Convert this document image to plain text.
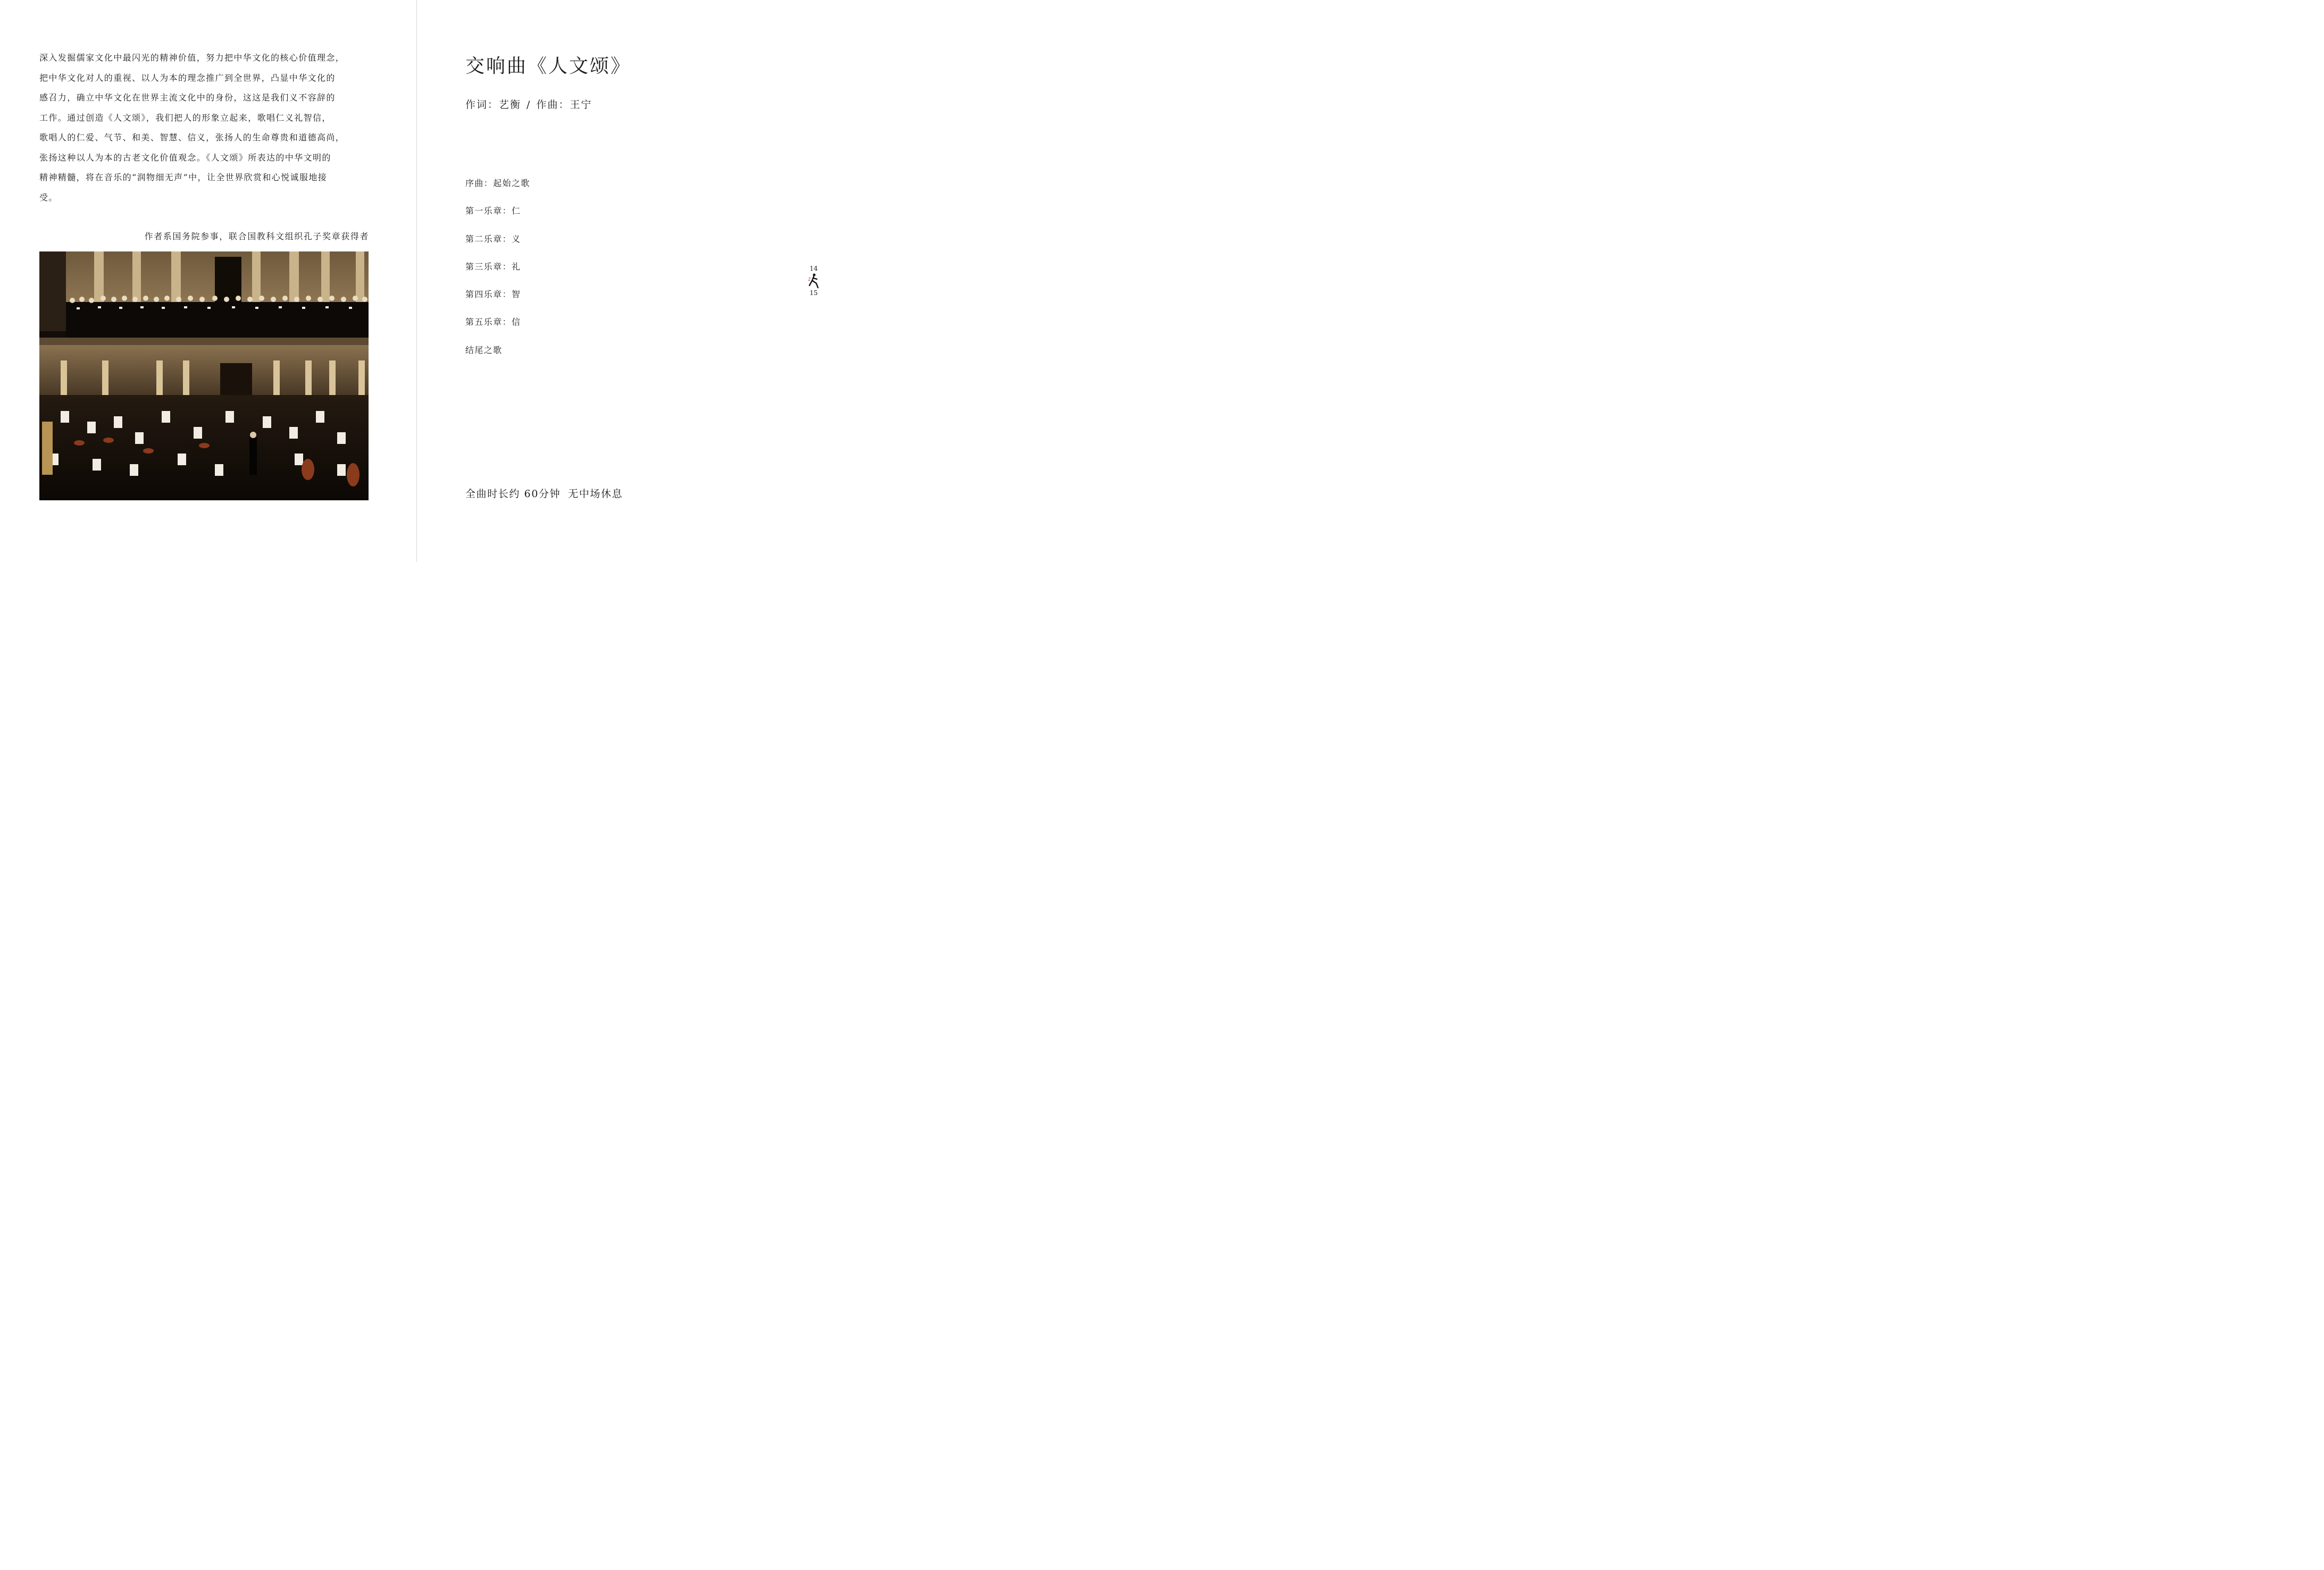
深入发掘儒家文化中最闪光的精神价值，努力把中华文化的核心价值理念，
把中华文化对人的重视、以人为本的理念推广到全世界，凸显中华文化的
感召力，确立中华文化在世界主流文化中的身份，这这是我们义不容辞的
工作。通过创造《人文颂》，我们把人的形象立起来，歌唱仁义礼智信，
歌唱人的仁爱、气节、和美、智慧、信义，张扬人的生命尊贵和道德高尚，
张扬这种以人为本的古老文化价值观念。《人文颂》所表达的中华文明的
精神精髓，将在音乐的“润物细无声”中，让全世界欣赏和心悦诚服地接
受。

作者系国务院参事，联合国教科文组织孔子奖章获得者
交响曲《人文颂》
作词：艺衡 / 作曲：王宁
序曲：起始之歌
第一乐章：仁
第二乐章：义
第三乐章：礼
第四乐章：智
第五乐章：信
结尾之歌
全曲时长约 60分钟 无中场休息
14
15
